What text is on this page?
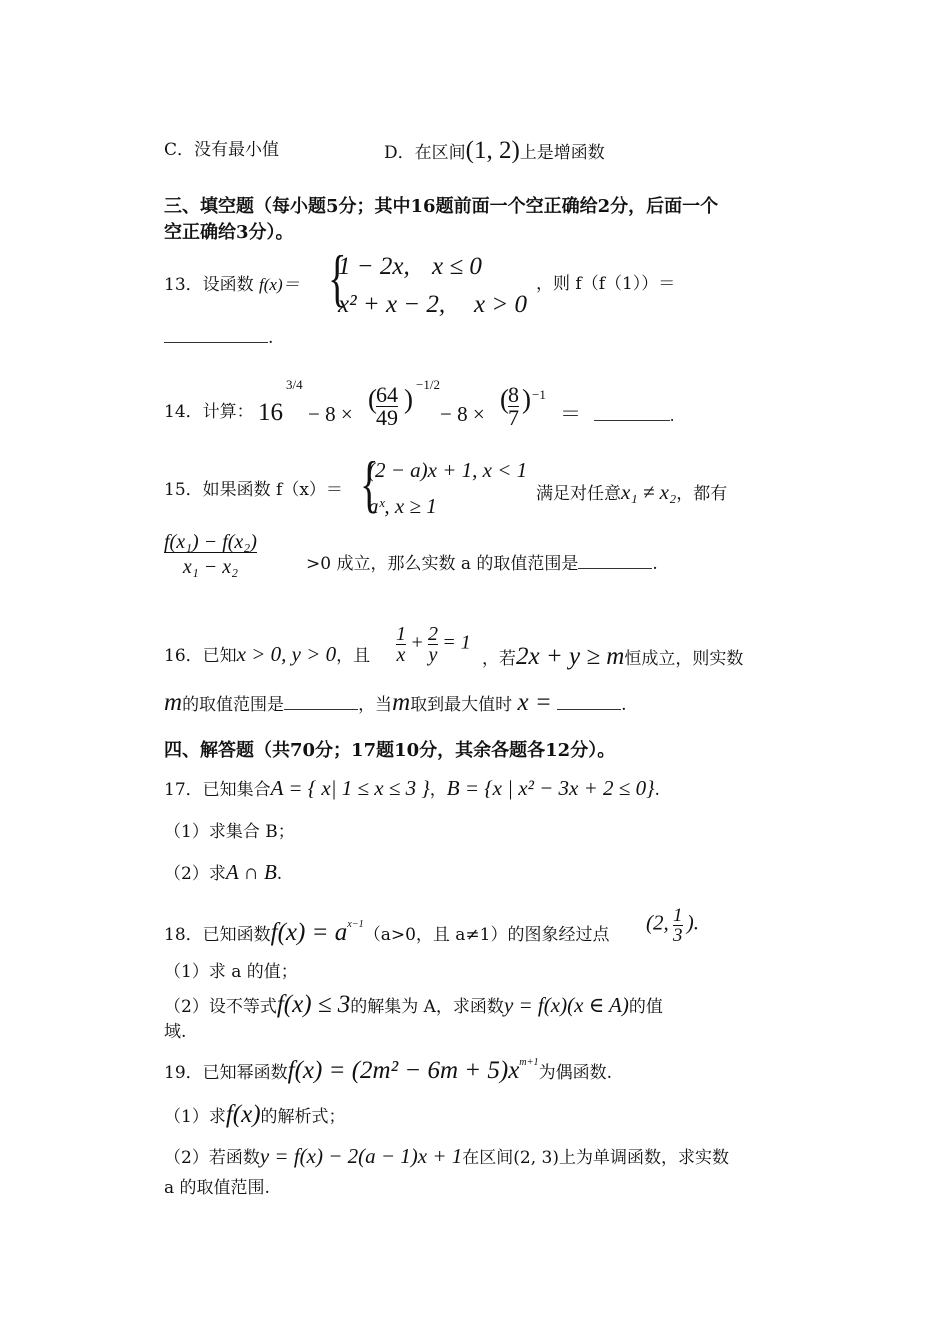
C．没有最小值	D．在区间(1, 2)上是增函数
三、填空题（每小题5分；其中16题前面一个空正确给2分，后面一个
空正确给3分）。
13．设函数 f(x)＝ {
1 − 2x, x ≤ 0
x² + x − 2, x > 0
，则 f（f（1））＝
.
14．计算： 16
3/4
− 8 × ( $\frac{64}{49}$ ) −1/2
− 8 × ( $\frac{8}{7}$ ) −1
＝	.
15．如果函数 f（x）＝ {
(2 − a)x + 1, x < 1
aˣ, x ≥ 1	满足对任意x₁ ≠ x₂，都有
$\frac{\text{f(x₁) − f(x₂)}}{\text{x₁ − x₂}}$	>0 成立，那么实数 a 的取值范围是	.
16．已知x > 0, y > 0，且 $\frac{1}{x} + \frac{2}{y} = 1$
，若2x + y ≥ m恒成立，则实数
m的取值范围是	，当m取到最大值时 x =	.
四、解答题（共70分；17题10分，其余各题各12分）。
17．已知集合A = { x| 1 ≤ x ≤ 3 }，B = {x | x² − 3x + 2 ≤ 0}.
（1）求集合 B；
（2）求A ∩ B.
18．已知函数$f(x) = a^{x-1}(a>0$，且 a≠1）的图象经过点
(2, $\frac{1}{3}$ ).
（1）求 a 的值；
（2）设不等式f(x) ≤ 3的解集为 A，求函数y = f(x)(x ∈ A)的值
域.
19．已知幂函数$f(x) = (2m^2 - 6m + 5)x^{m+1}$为偶函数.
（1）求f(x)的解析式；
（2）若函数y = f(x) − 2(a − 1)x + 1在区间(2, 3)上为单调函数，求实数
a 的取值范围.
